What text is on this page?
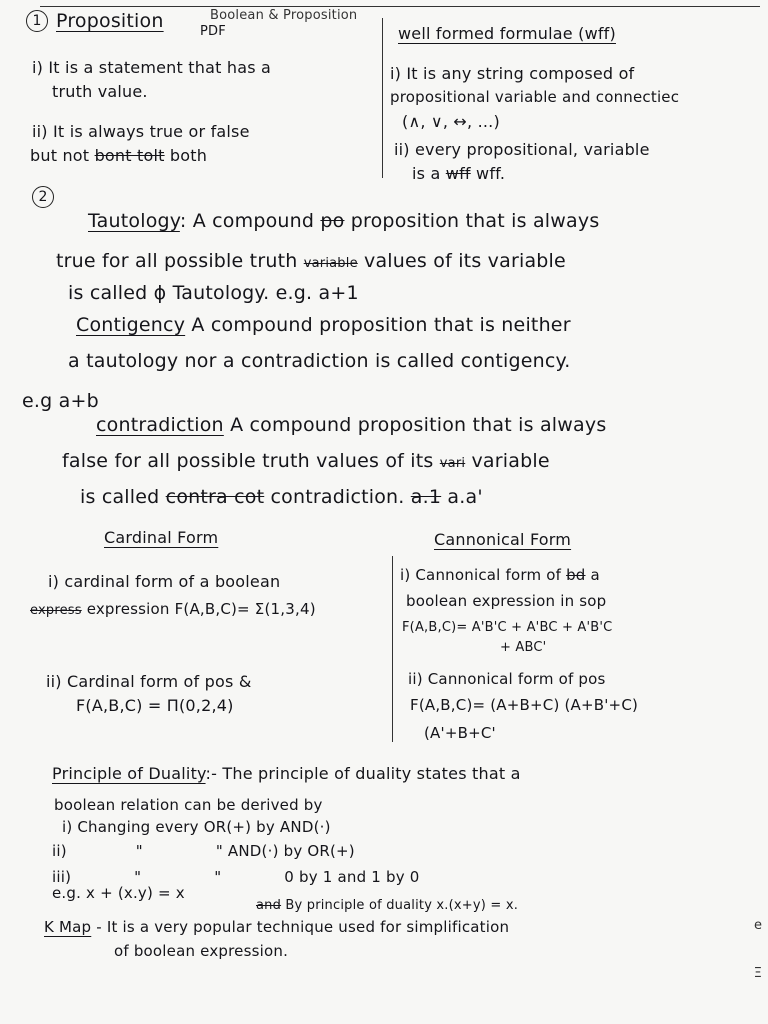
1 Proposition	PDF
Boolean & Proposition
i) It is a statement that has a
truth value.
ii) It is always true or false
but not bont tolt both
well formed formulae (wff)
i) It is any string composed of
propositional variable and connectiec
(∧, ∨, ↔, ...)
ii) every propositional, variable
is a wff wff.
2
Tautology: A compound po proposition that is always
true for all possible truth variable values of its variable
is called ϕ Tautology. e.g. a+1
Contigency A compound proposition that is neither
a tautology nor a contradiction is called contigency.
e.g a+b
contradiction A compound proposition that is always
false for all possible truth values of its vari variable
is called contra cot contradiction. a.1 a.a'
Cardinal Form	Cannonical Form
i) cardinal form of a boolean
express expression F(A,B,C)= Σ(1,3,4)
ii) Cardinal form of pos &
F(A,B,C) = Π(0,2,4)
i) Cannonical form of bd a
boolean expression in sop
F(A,B,C)= A'B'C + A'BC + A'B'C
+ ABC'
ii) Cannonical form of pos
F(A,B,C)= (A+B+C) (A+B'+C)
(A'+B+C'
Principle of Duality:- The principle of duality states that a
boolean relation can be derived by
i) Changing every OR(+) by AND(·)
ii)	"	" AND(·) by OR(+)
iii)	"	"	0 by 1 and 1 by 0
e.g. x + (x.y) = x
and By principle of duality x.(x+y) = x.
K Map - It is a very popular technique used for simplification
of boolean expression.
e
Ξ
